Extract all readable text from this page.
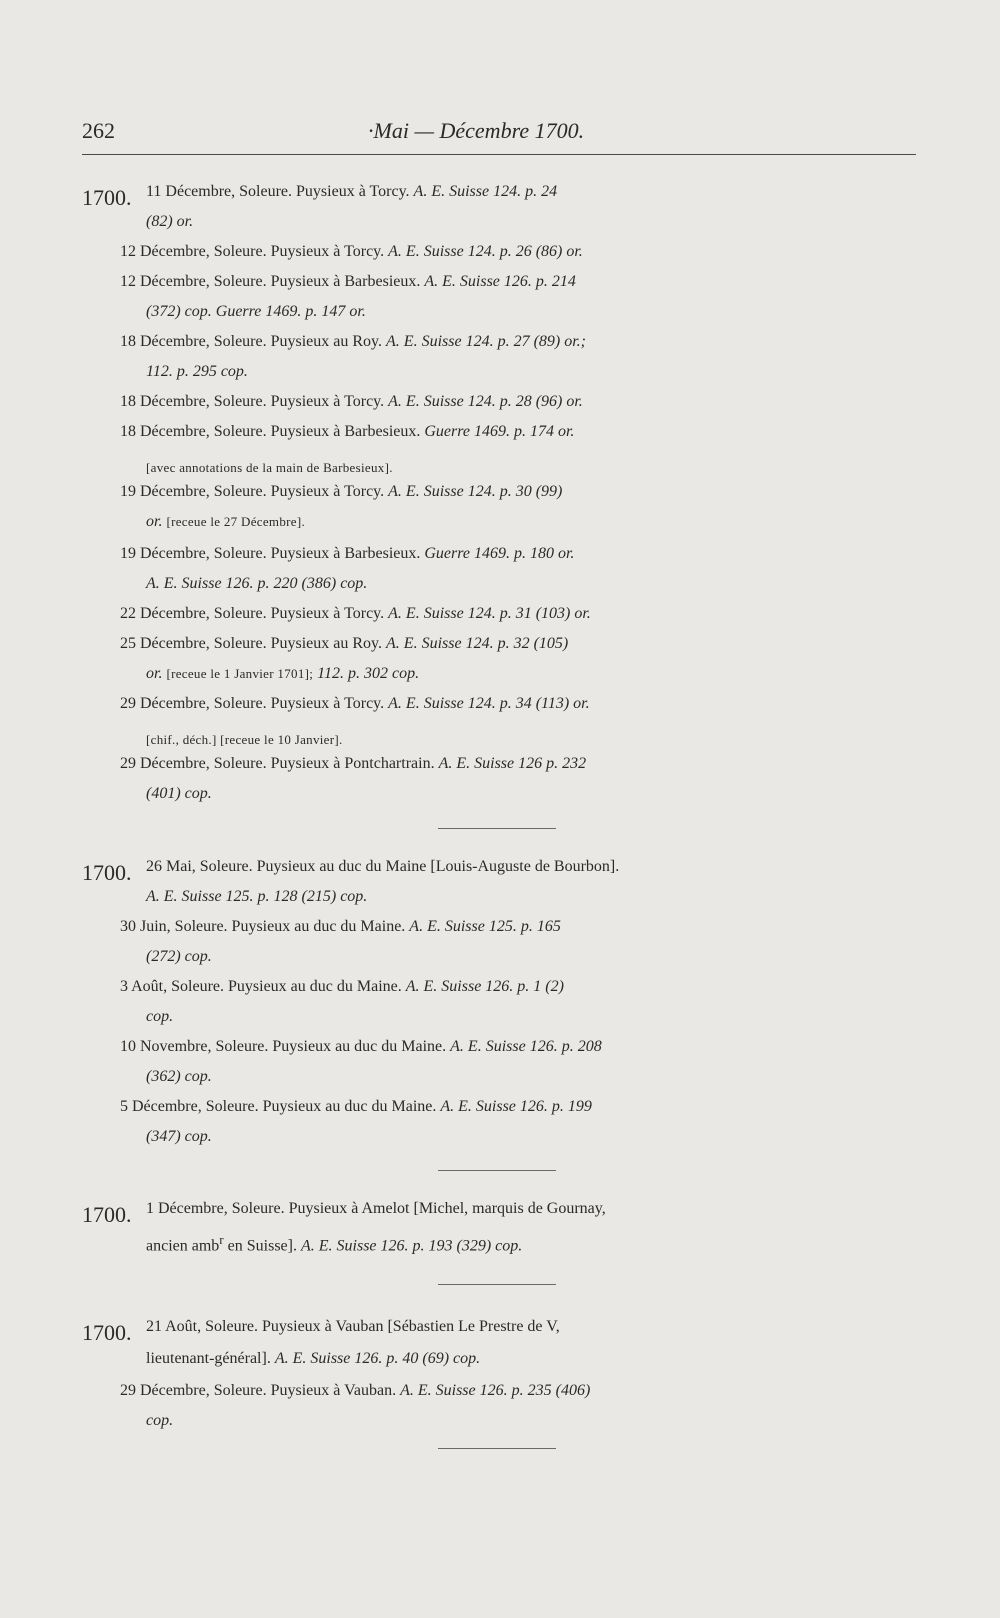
262	·Mai — Décembre 1700.
1700. 11 Décembre, Soleure. Puysieux à Torcy. A. E. Suisse 124. p. 24
(82) or.
12 Décembre, Soleure. Puysieux à Torcy. A. E. Suisse 124. p. 26 (86) or.
12 Décembre, Soleure. Puysieux à Barbesieux. A. E. Suisse 126. p. 214
(372) cop. Guerre 1469. p. 147 or.
18 Décembre, Soleure. Puysieux au Roy. A. E. Suisse 124. p. 27 (89) or.;
112. p. 295 cop.
18 Décembre, Soleure. Puysieux à Torcy. A. E. Suisse 124. p. 28 (96) or.
18 Décembre, Soleure. Puysieux à Barbesieux. Guerre 1469. p. 174 or.
[avec annotations de la main de Barbesieux].
19 Décembre, Soleure. Puysieux à Torcy. A. E. Suisse 124. p. 30 (99)
or. [receue le 27 Décembre].
19 Décembre, Soleure. Puysieux à Barbesieux. Guerre 1469. p. 180 or.
A. E. Suisse 126. p. 220 (386) cop.
22 Décembre, Soleure. Puysieux à Torcy. A. E. Suisse 124. p. 31 (103) or.
25 Décembre, Soleure. Puysieux au Roy. A. E. Suisse 124. p. 32 (105)
or. [receue le 1 Janvier 1701]; 112. p. 302 cop.
29 Décembre, Soleure. Puysieux à Torcy. A. E. Suisse 124. p. 34 (113) or.
[chif., déch.] [receue le 10 Janvier].
29 Décembre, Soleure. Puysieux à Pontchartrain. A. E. Suisse 126 p. 232
(401) cop.
1700. 26 Mai, Soleure. Puysieux au duc du Maine [Louis-Auguste de Bourbon].
A. E. Suisse 125. p. 128 (215) cop.
30 Juin, Soleure. Puysieux au duc du Maine. A. E. Suisse 125. p. 165
(272) cop.
3 Août, Soleure. Puysieux au duc du Maine. A. E. Suisse 126. p. 1 (2)
cop.
10 Novembre, Soleure. Puysieux au duc du Maine. A. E. Suisse 126. p. 208
(362) cop.
5 Décembre, Soleure. Puysieux au duc du Maine. A. E. Suisse 126. p. 199
(347) cop.
1700. 1 Décembre, Soleure. Puysieux à Amelot [Michel, marquis de Gournay,
ancien amb$^r$ en Suisse]. A. E. Suisse 126. p. 193 (329) cop.
1700. 21 Août, Soleure. Puysieux à Vauban [Sébastien Le Prestre de V,
lieutenant-général]. A. E. Suisse 126. p. 40 (69) cop.
29 Décembre, Soleure. Puysieux à Vauban. A. E. Suisse 126. p. 235 (406)
cop.
